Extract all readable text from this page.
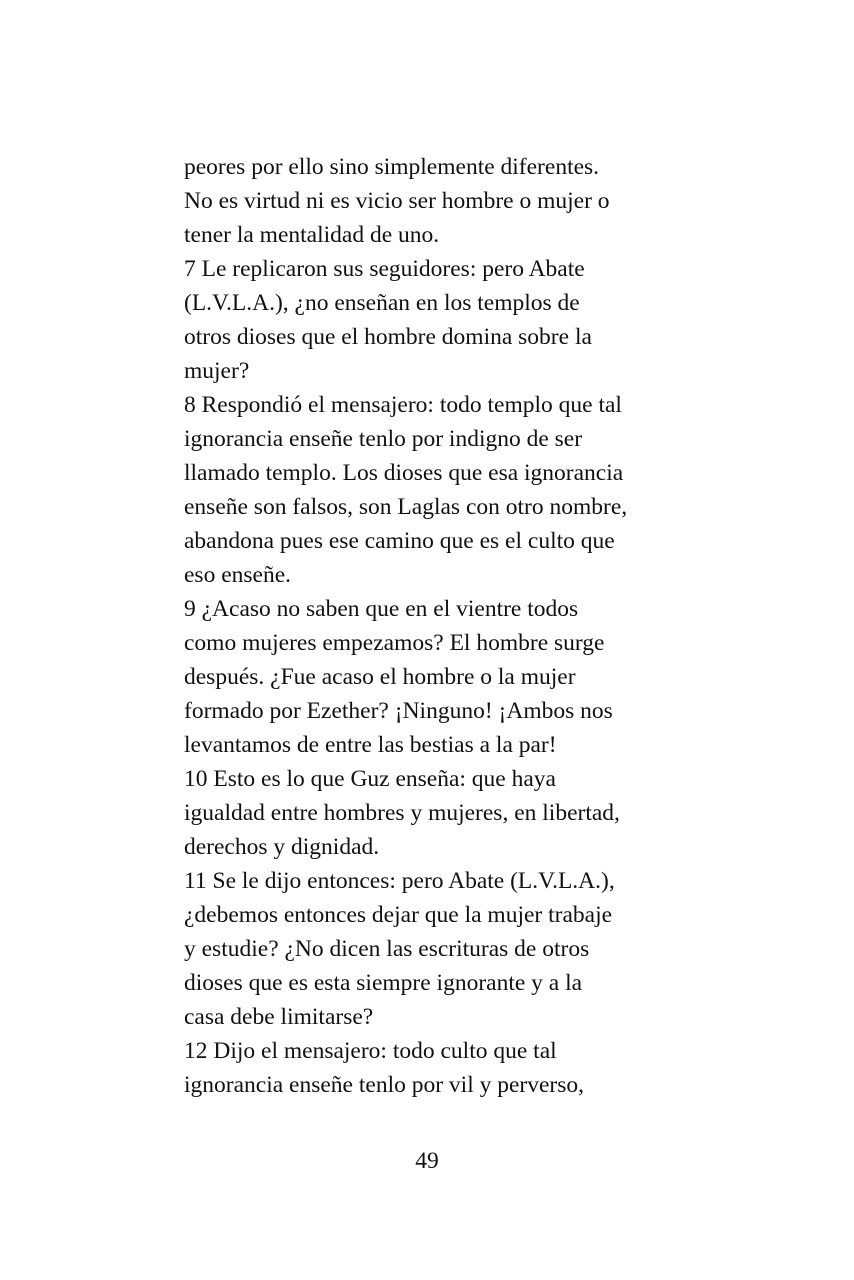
peores por ello sino simplemente diferentes.
No es virtud ni es vicio ser hombre o mujer o
tener la mentalidad de uno.
7 Le replicaron sus seguidores: pero Abate
(L.V.L.A.), ¿no enseñan en los templos de
otros dioses que el hombre domina sobre la
mujer?
8 Respondió el mensajero: todo templo que tal
ignorancia enseñe tenlo por indigno de ser
llamado templo. Los dioses que esa ignorancia
enseñe son falsos, son Laglas con otro nombre,
abandona pues ese camino que es el culto que
eso enseñe.
9 ¿Acaso no saben que en el vientre todos
como mujeres empezamos? El hombre surge
después. ¿Fue acaso el hombre o la mujer
formado por Ezether? ¡Ninguno! ¡Ambos nos
levantamos de entre las bestias a la par!
10 Esto es lo que Guz enseña: que haya
igualdad entre hombres y mujeres, en libertad,
derechos y dignidad.
11 Se le dijo entonces: pero Abate (L.V.L.A.),
¿debemos entonces dejar que la mujer trabaje
y estudie? ¿No dicen las escrituras de otros
dioses que es esta siempre ignorante y a la
casa debe limitarse?
12 Dijo el mensajero: todo culto que tal
ignorancia enseñe tenlo por vil y perverso,
49
